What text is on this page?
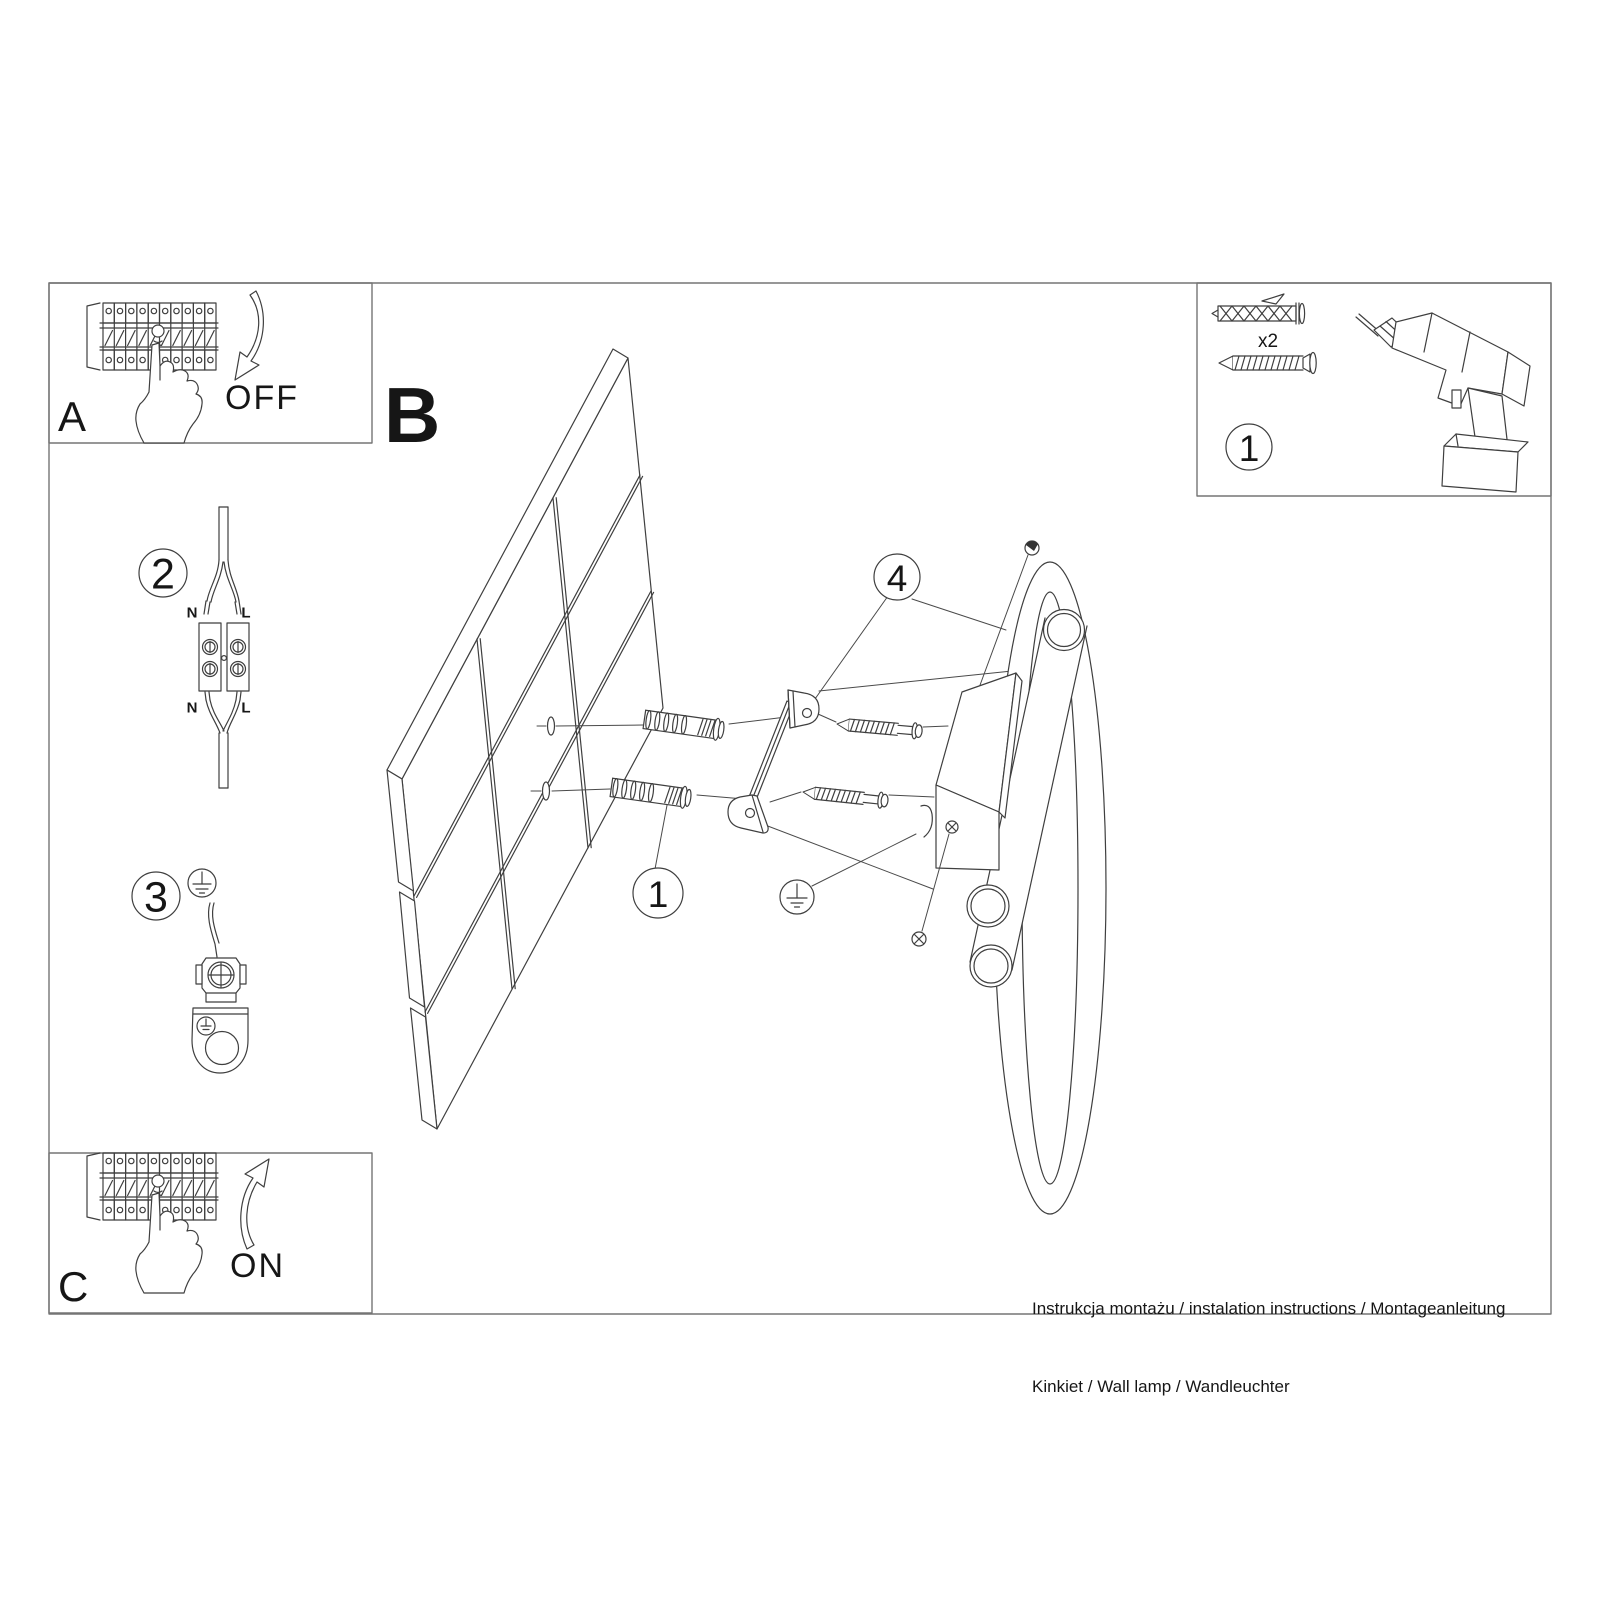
A	OFF B
C	ON
2
3
1
1
4
N	L
N	L
x2

Instrukcja montażu / instalation instructions / Montageanleitung

Kinkiet / Wall lamp / Wandleuchter
